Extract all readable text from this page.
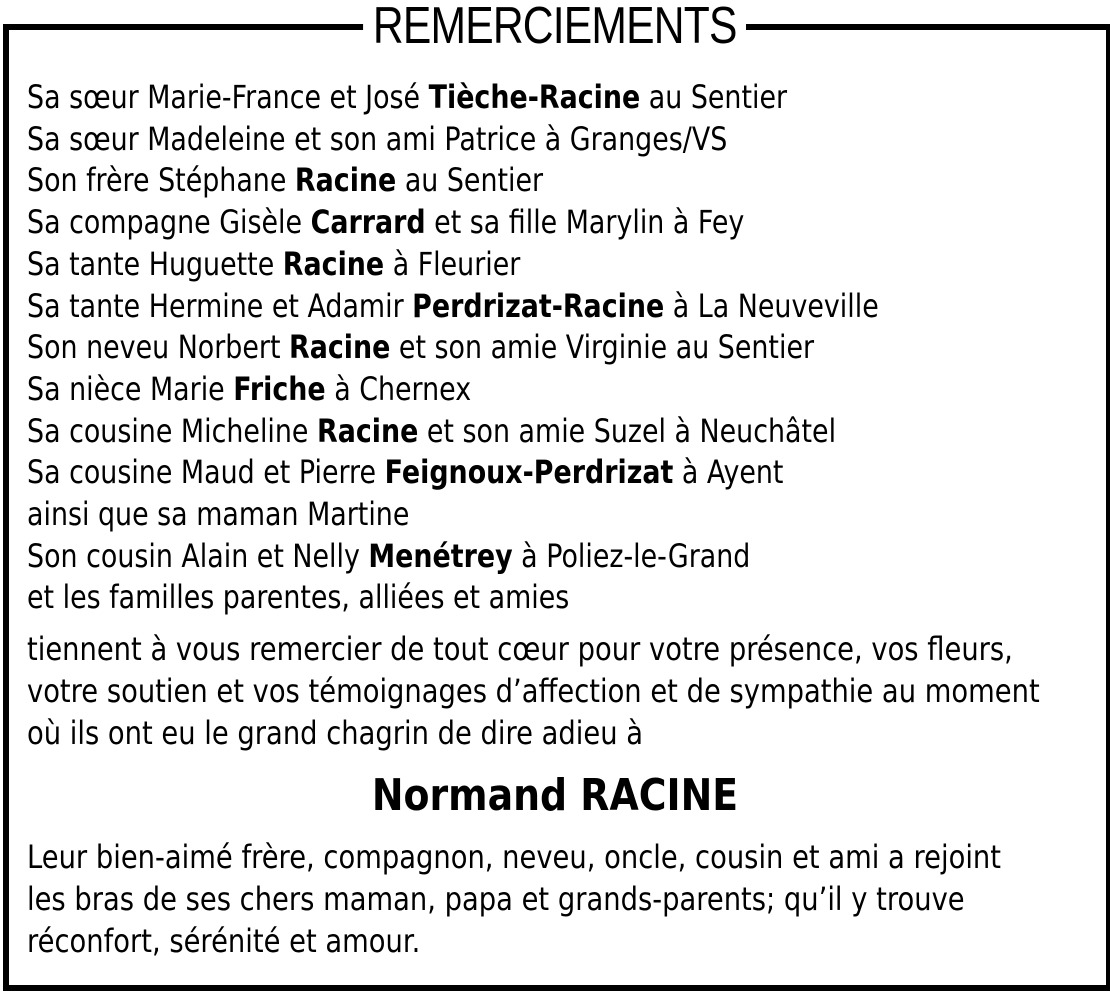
REMERCIEMENTS
Sa sœur Marie-France et José Tièche-Racine au Sentier
Sa sœur Madeleine et son ami Patrice à Granges/VS
Son frère Stéphane Racine au Sentier
Sa compagne Gisèle Carrard et sa fille Marylin à Fey
Sa tante Huguette Racine à Fleurier
Sa tante Hermine et Adamir Perdrizat-Racine à La Neuveville
Son neveu Norbert Racine et son amie Virginie au Sentier
Sa nièce Marie Friche à Chernex
Sa cousine Micheline Racine et son amie Suzel à Neuchâtel
Sa cousine Maud et Pierre Feignoux-Perdrizat à Ayent
ainsi que sa maman Martine
Son cousin Alain et Nelly Menétrey à Poliez-le-Grand
et les familles parentes, alliées et amies
tiennent à vous remercier de tout cœur pour votre présence, vos fleurs,
votre soutien et vos témoignages d’affection et de sympathie au moment
où ils ont eu le grand chagrin de dire adieu à
Normand RACINE
Leur bien-aimé frère, compagnon, neveu, oncle, cousin et ami a rejoint
les bras de ses chers maman, papa et grands-parents; qu’il y trouve
réconfort, sérénité et amour.
